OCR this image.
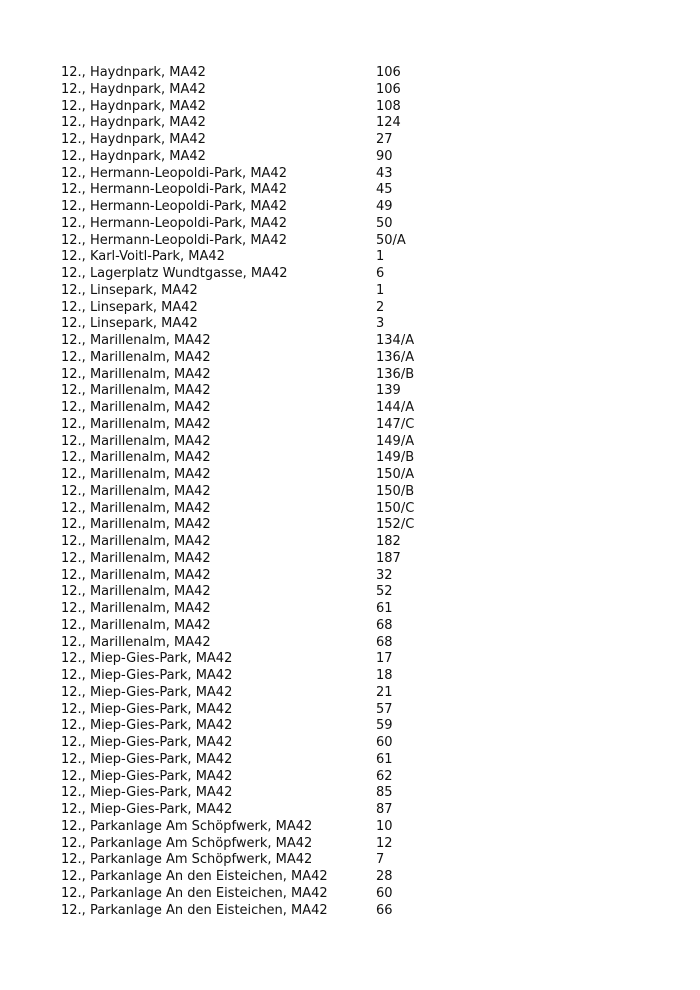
12., Haydnpark, MA42	106
12., Haydnpark, MA42	106
12., Haydnpark, MA42	108
12., Haydnpark, MA42	124
12., Haydnpark, MA42	27
12., Haydnpark, MA42	90
12., Hermann-Leopoldi-Park, MA42	43
12., Hermann-Leopoldi-Park, MA42	45
12., Hermann-Leopoldi-Park, MA42	49
12., Hermann-Leopoldi-Park, MA42	50
12., Hermann-Leopoldi-Park, MA42	50/A
12., Karl-Voitl-Park, MA42	1
12., Lagerplatz Wundtgasse, MA42	6
12., Linsepark, MA42	1
12., Linsepark, MA42	2
12., Linsepark, MA42	3
12., Marillenalm, MA42	134/A
12., Marillenalm, MA42	136/A
12., Marillenalm, MA42	136/B
12., Marillenalm, MA42	139
12., Marillenalm, MA42	144/A
12., Marillenalm, MA42	147/C
12., Marillenalm, MA42	149/A
12., Marillenalm, MA42	149/B
12., Marillenalm, MA42	150/A
12., Marillenalm, MA42	150/B
12., Marillenalm, MA42	150/C
12., Marillenalm, MA42	152/C
12., Marillenalm, MA42	182
12., Marillenalm, MA42	187
12., Marillenalm, MA42	32
12., Marillenalm, MA42	52
12., Marillenalm, MA42	61
12., Marillenalm, MA42	68
12., Marillenalm, MA42	68
12., Miep-Gies-Park, MA42	17
12., Miep-Gies-Park, MA42	18
12., Miep-Gies-Park, MA42	21
12., Miep-Gies-Park, MA42	57
12., Miep-Gies-Park, MA42	59
12., Miep-Gies-Park, MA42	60
12., Miep-Gies-Park, MA42	61
12., Miep-Gies-Park, MA42	62
12., Miep-Gies-Park, MA42	85
12., Miep-Gies-Park, MA42	87
12., Parkanlage Am Schöpfwerk, MA42	10
12., Parkanlage Am Schöpfwerk, MA42	12
12., Parkanlage Am Schöpfwerk, MA42	7
12., Parkanlage An den Eisteichen, MA42	28
12., Parkanlage An den Eisteichen, MA42	60
12., Parkanlage An den Eisteichen, MA42	66
